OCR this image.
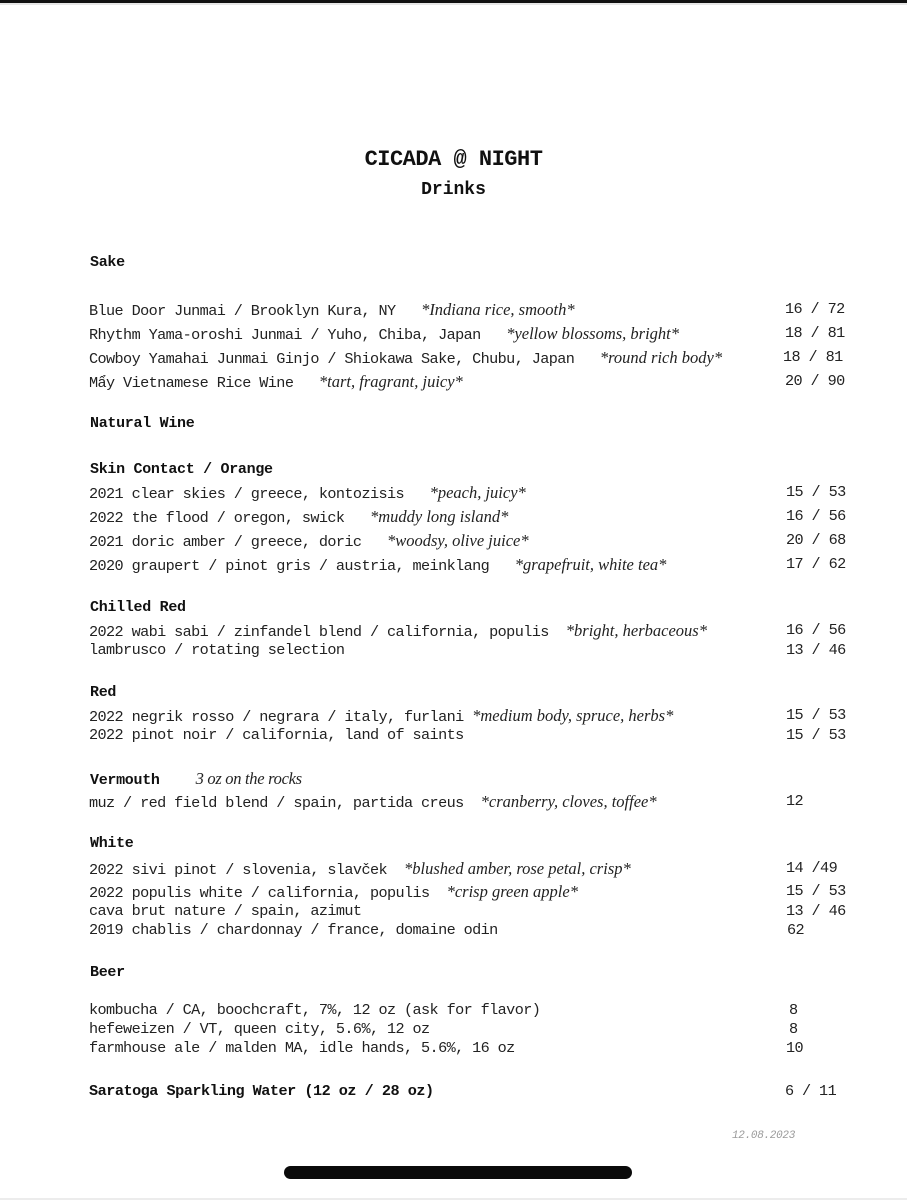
CICADA @ NIGHT
Drinks
Sake
Blue Door Junmai / Brooklyn Kura, NY *Indiana rice, smooth*	16 / 72
Rhythm Yama-oroshi Junmai / Yuho, Chiba, Japan *yellow blossoms, bright*	18 / 81
Cowboy Yamahai Junmai Ginjo / Shiokawa Sake, Chubu, Japan *round rich body*	18 / 81
Mẩy Vietnamese Rice Wine *tart, fragrant, juicy*	20 / 90
Natural Wine
Skin Contact / Orange
2021 clear skies / greece, kontozisis *peach, juicy*	15 / 53
2022 the flood / oregon, swick *muddy long island*	16 / 56
2021 doric amber / greece, doric *woodsy, olive juice*	20 / 68
2020 graupert / pinot gris / austria, meinklang *grapefruit, white tea*	17 / 62
Chilled Red
2022 wabi sabi / zinfandel blend / california, populis *bright, herbaceous*	16 / 56
lambrusco / rotating selection	13 / 46
Red
2022 negrik rosso / negrara / italy, furlani *medium body, spruce, herbs*	15 / 53
2022 pinot noir / california, land of saints	15 / 53
Vermouth 3 oz on the rocks
muz / red field blend / spain, partida creus *cranberry, cloves, toffee*	12
White
2022 sivi pinot / slovenia, slavček *blushed amber, rose petal, crisp*	14 /49
2022 populis white / california, populis *crisp green apple*	15 / 53
cava brut nature / spain, azimut	13 / 46
2019 chablis / chardonnay / france, domaine odin	62
Beer
kombucha / CA, boochcraft, 7%, 12 oz (ask for flavor)	8
hefeweizen / VT, queen city, 5.6%, 12 oz	8
farmhouse ale / malden MA, idle hands, 5.6%, 16 oz	10
Saratoga Sparkling Water (12 oz / 28 oz)	6 / 11
12.08.2023
